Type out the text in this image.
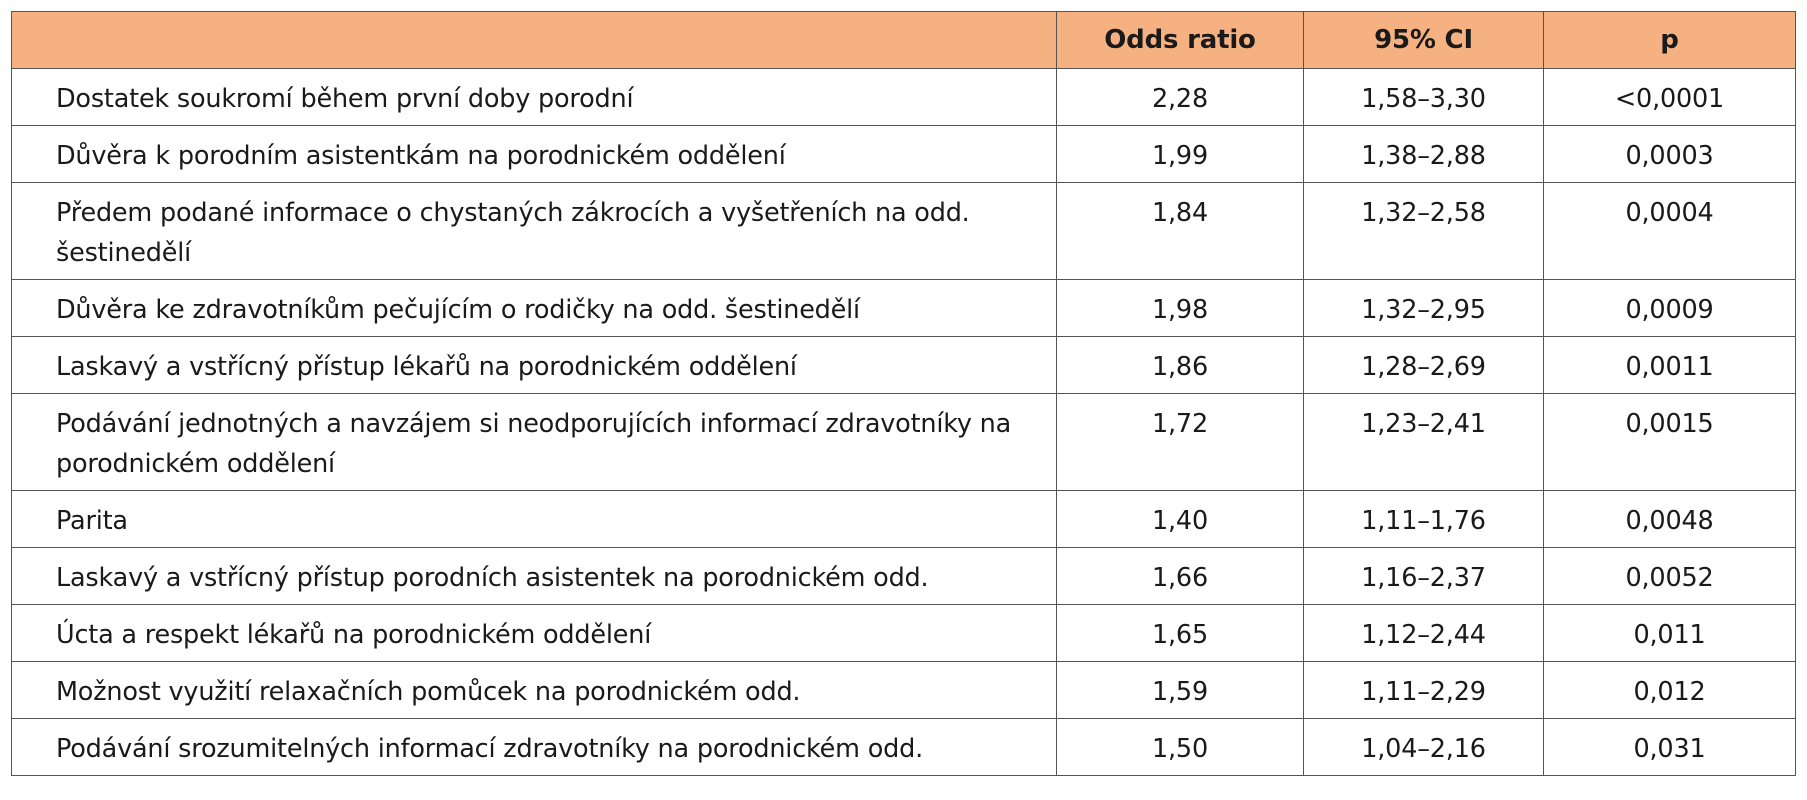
	Odds ratio	95% CI	p
Dostatek soukromí během první doby porodní	2,28	1,58–3,30	<0,0001
Důvěra k porodním asistentkám na porodnickém oddělení	1,99	1,38–2,88	0,0003
Předem podané informace o chystaných zákrocích a vyšetřeních na odd. šestinedělí	1,84	1,32–2,58	0,0004
Důvěra ke zdravotníkům pečujícím o rodičky na odd. šestinedělí	1,98	1,32–2,95	0,0009
Laskavý a vstřícný přístup lékařů na porodnickém oddělení	1,86	1,28–2,69	0,0011
Podávání jednotných a navzájem si neodporujících informací zdravotníky na porodnickém oddělení	1,72	1,23–2,41	0,0015
Parita	1,40	1,11–1,76	0,0048
Laskavý a vstřícný přístup porodních asistentek na porodnickém odd.	1,66	1,16–2,37	0,0052
Úcta a respekt lékařů na porodnickém oddělení	1,65	1,12–2,44	0,011
Možnost využití relaxačních pomůcek na porodnickém odd.	1,59	1,11–2,29	0,012
Podávání srozumitelných informací zdravotníky na porodnickém odd.	1,50	1,04–2,16	0,031
